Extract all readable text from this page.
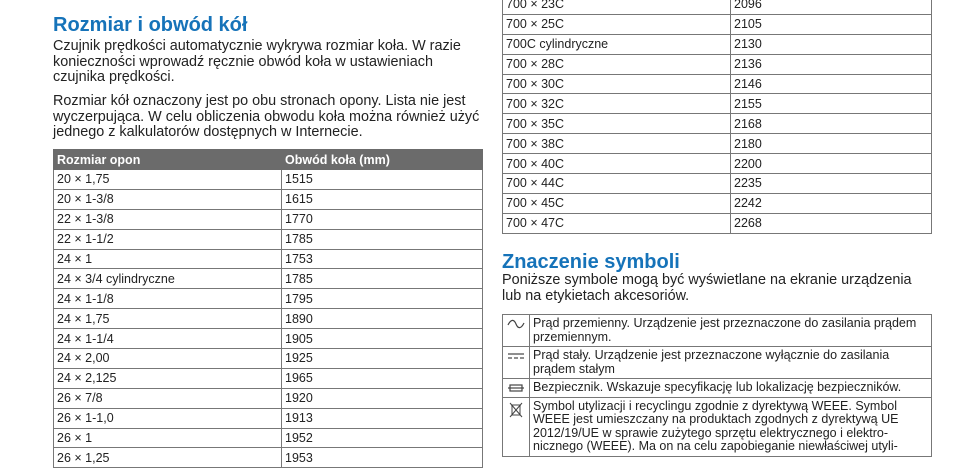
Rozmiar i obwód kół

Czujnik prędkości automatycznie wykrywa rozmiar koła. W razie konieczności wprowadź ręcznie obwód koła w ustawieniach czujnika prędkości.

Rozmiar kół oznaczony jest po obu stronach opony. Lista nie jest wyczerpująca. W celu obliczenia obwodu koła można również użyć jednego z kalkulatorów dostępnych w Internecie.

Rozmiar opon	Obwód koła (mm)
20 × 1,75	1515
20 × 1-3/8	1615
22 × 1-3/8	1770
22 × 1-1/2	1785
24 × 1	1753
24 × 3/4 cylindryczne	1785
24 × 1-1/8	1795
24 × 1,75	1890
24 × 1-1/4	1905
24 × 2,00	1925
24 × 2,125	1965
26 × 7/8	1920
26 × 1-1,0	1913
26 × 1	1952
26 × 1,25	1953
700 × 23C	2096
700 × 25C	2105
700C cylindryczne	2130
700 × 28C	2136
700 × 30C	2146
700 × 32C	2155
700 × 35C	2168
700 × 38C	2180
700 × 40C	2200
700 × 44C	2235
700 × 45C	2242
700 × 47C	2268
Znaczenie symboli

Poniższe symbole mogą być wyświetlane na ekranie urządzenia lub na etykietach akcesoriów.

	Prąd przemienny. Urządzenie jest przeznaczone do zasilania prądem przemiennym.

	Prąd stały. Urządzenie jest przeznaczone wyłącznie do zasilania prądem stałym

	Bezpiecznik. Wskazuje specyfikację lub lokalizację bezpieczników.

	Symbol utylizacji i recyclingu zgodnie z dyrektywą WEEE. Symbol WEEE jest umieszczany na produktach zgodnych z dyrektywą UE 2012/19/UE w sprawie zużytego sprzętu elektrycznego i elektro-nicznego (WEEE). Ma on na celu zapobieganie niewłaściwej utyli-
